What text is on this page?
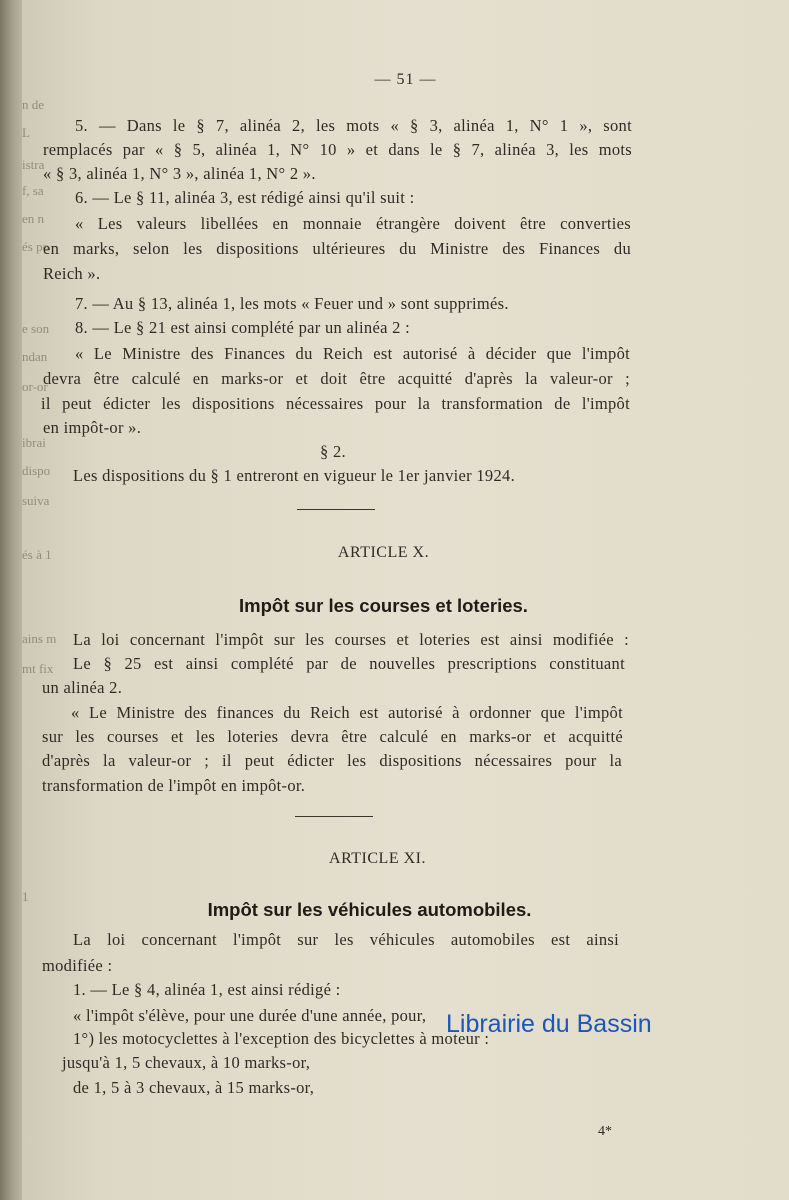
n de
L
istra
f, sa
en n
és po
e son
ndan
or-or
ibrai
dispo
suiva
és à 1
ains m
mt fix
1
— 51 —
5. — Dans le § 7, alinéa 2, les mots « § 3, alinéa 1, N° 1 », sont
remplacés par « § 5, alinéa 1, N° 10 » et dans le § 7, alinéa 3, les mots
« § 3, alinéa 1, N° 3 », alinéa 1, N° 2 ».
6. — Le § 11, alinéa 3, est rédigé ainsi qu'il suit :
« Les valeurs libellées en monnaie étrangère doivent être converties
en marks, selon les dispositions ultérieures du Ministre des Finances du
Reich ».
7. — Au § 13, alinéa 1, les mots « Feuer und » sont supprimés.
8. — Le § 21 est ainsi complété par un alinéa 2 :
« Le Ministre des Finances du Reich est autorisé à décider que l'impôt
devra être calculé en marks-or et doit être acquitté d'après la valeur-or ;
il peut édicter les dispositions nécessaires pour la transformation de l'impôt
en impôt-or ».
§ 2.
Les dispositions du § 1 entreront en vigueur le 1er janvier 1924.
ARTICLE X.
Impôt sur les courses et loteries.
La loi concernant l'impôt sur les courses et loteries est ainsi modifiée :
Le § 25 est ainsi complété par de nouvelles prescriptions constituant
un alinéa 2.
« Le Ministre des finances du Reich est autorisé à ordonner que l'impôt
sur les courses et les loteries devra être calculé en marks-or et acquitté
d'après la valeur-or ; il peut édicter les dispositions nécessaires pour la
transformation de l'impôt en impôt-or.
ARTICLE XI.
Impôt sur les véhicules automobiles.
La loi concernant l'impôt sur les véhicules automobiles est ainsi
modifiée :
1. — Le § 4, alinéa 1, est ainsi rédigé :
« l'impôt s'élève, pour une durée d'une année, pour,
1°) les motocyclettes à l'exception des bicyclettes à moteur :
jusqu'à 1, 5 chevaux, à 10 marks-or,
de 1, 5 à 3 chevaux, à 15 marks-or,
4*
Librairie du Bassin
